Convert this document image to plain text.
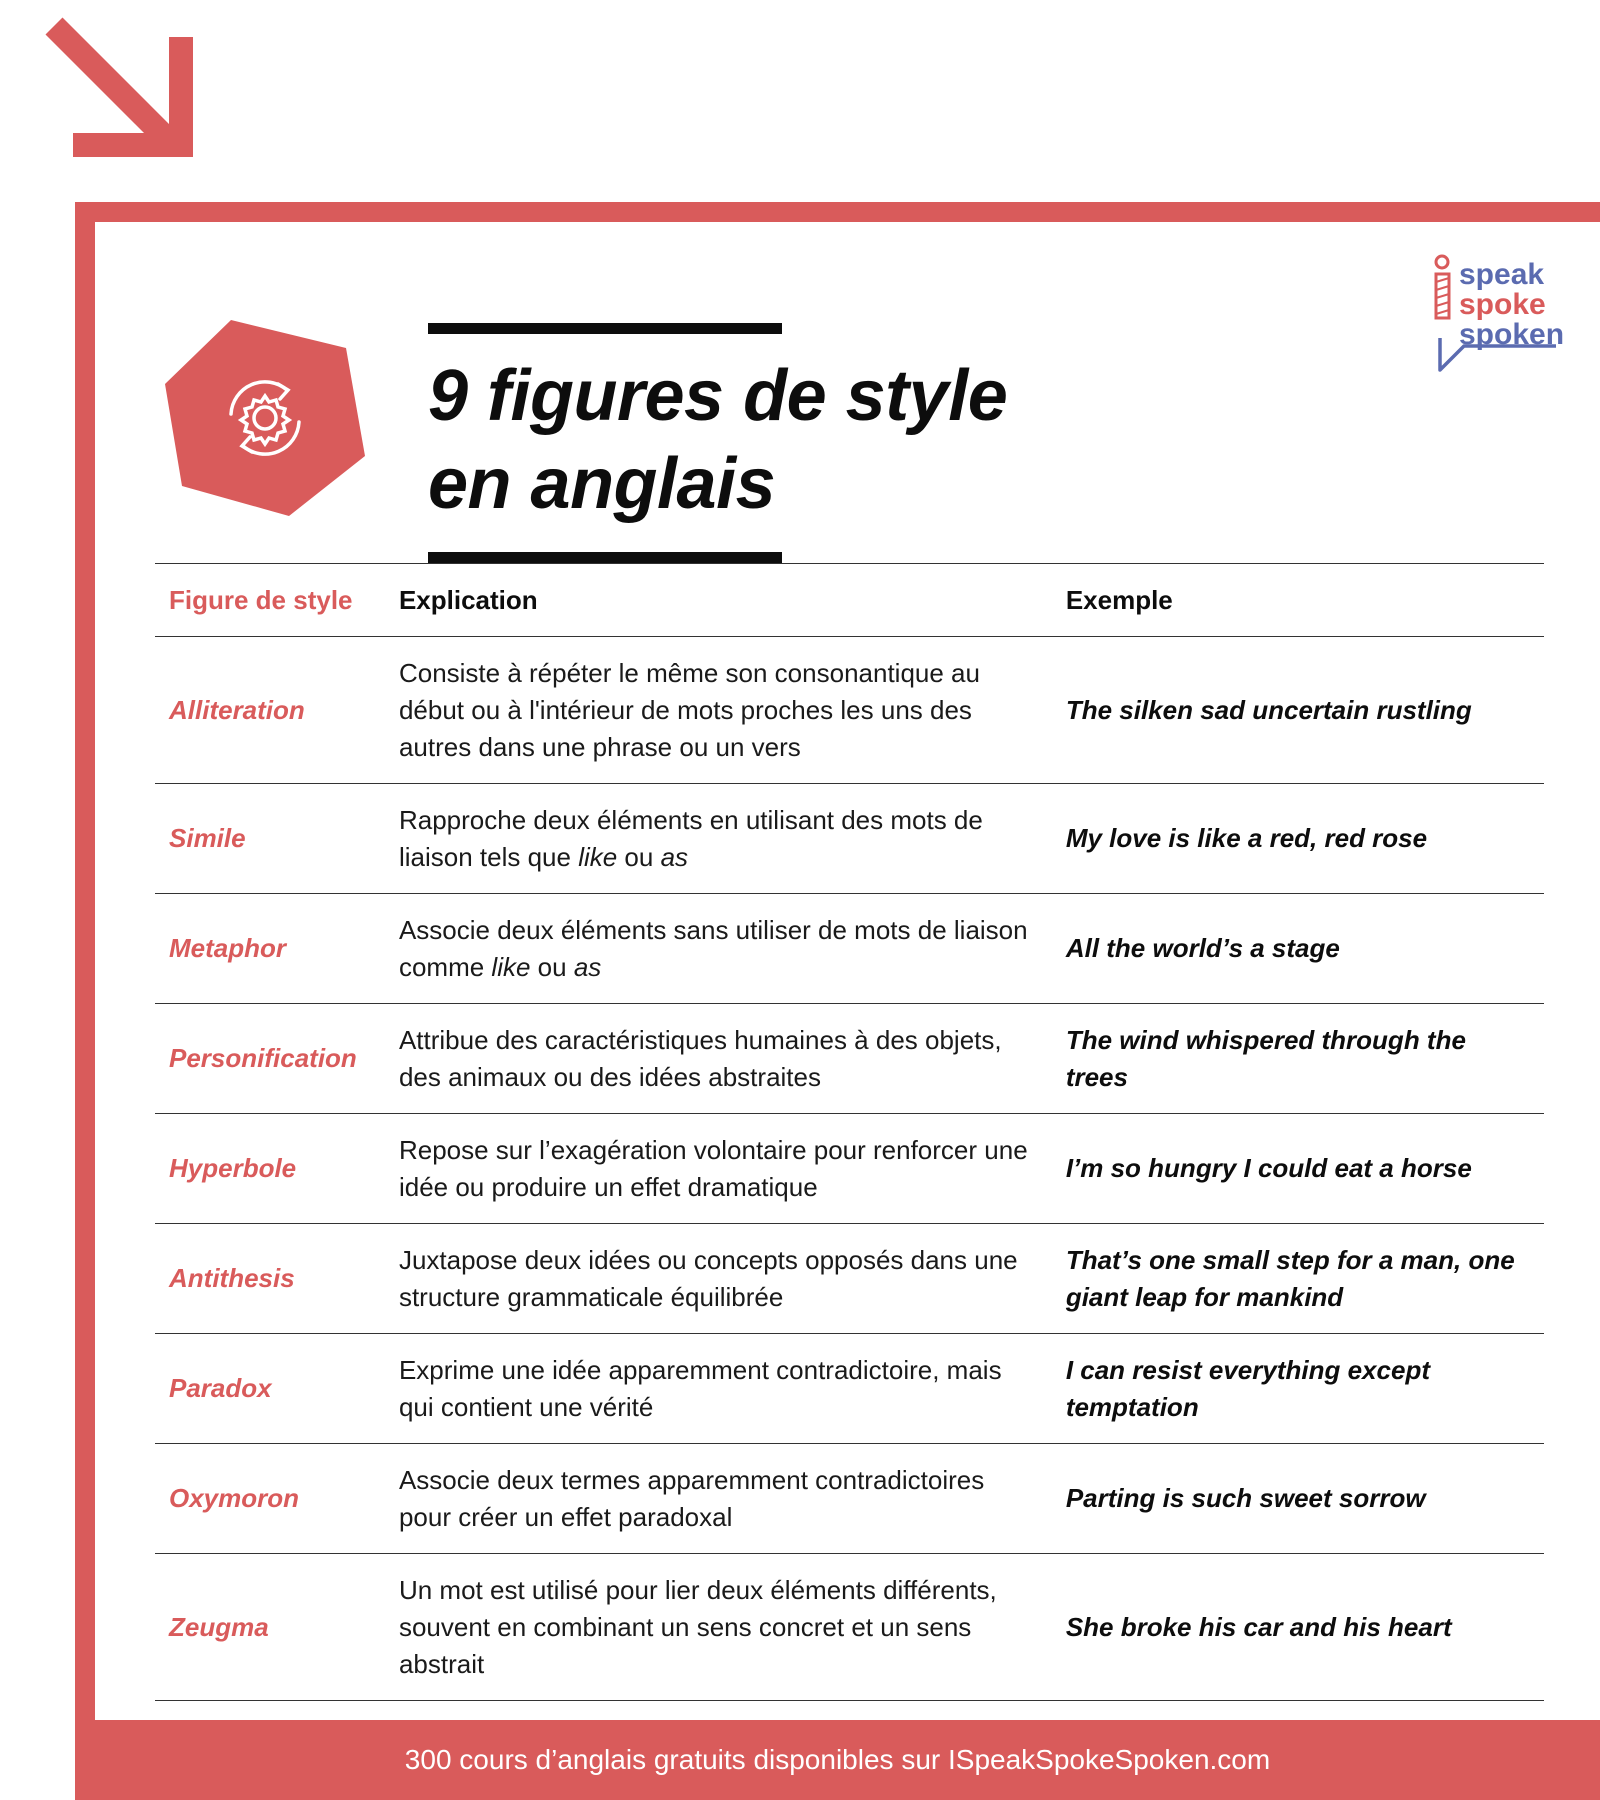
9 figures de style
en anglais
speak
spoke
spoken
Figure de style	Explication	Exemple
Alliteration	Consiste à répéter le même son consonantique au début ou à l'intérieur de mots proches les uns des autres dans une phrase ou un vers	The silken sad uncertain rustling
Simile	Rapproche deux éléments en utilisant des mots de liaison tels que like ou as	My love is like a red, red rose
Metaphor	Associe deux éléments sans utiliser de mots de liaison comme like ou as	All the world’s a stage
Personification	Attribue des caractéristiques humaines à des objets, des animaux ou des idées abstraites	The wind whispered through the trees
Hyperbole	Repose sur l’exagération volontaire pour renforcer une idée ou produire un effet dramatique	I’m so hungry I could eat a horse
Antithesis	Juxtapose deux idées ou concepts opposés dans une structure grammaticale équilibrée	That’s one small step for a man, one giant leap for mankind
Paradox	Exprime une idée apparemment contradictoire, mais qui contient une vérité	I can resist everything except temptation
Oxymoron	Associe deux termes apparemment contradictoires pour créer un effet paradoxal	Parting is such sweet sorrow
Zeugma	Un mot est utilisé pour lier deux éléments différents, souvent en combinant un sens concret et un sens abstrait	She broke his car and his heart
300 cours d’anglais gratuits disponibles sur ISpeakSpokeSpoken.com
